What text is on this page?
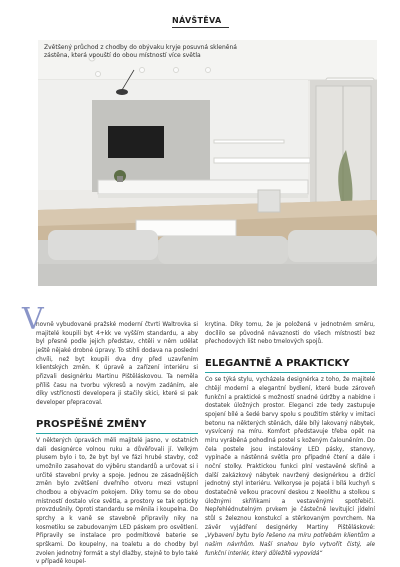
NÁVŠTĚVA
Zvětšený průchod z chodby do obývaku kryje posuvná skleněná zástěna, která vpouští do obou místností více světla
V

novně vybudované pražské moderní čtvrti Waltrovka si majitelé koupili byt 4+kk ve vyšším standardu, a aby byl přesně podle jejich představ, chtěli v něm udělat ještě nějaké drobné úpravy. To stihli dodava na poslední chvíli, než byt koupili dva dny před uzavřením klientských změn. K úpravě a zařízení interiéru si přizvali designérku Martinu Pištěláskovou. Ta neměla příliš času na tvorbu výkresů a novým zadáním, ale díky vstřícnosti developera ji stačily skici, které si pak developer přepracoval.

PROSPĚŠNÉ ZMĚNY

V některých úpravách měli majitelé jasno, v ostatních dali designérce volnou ruku a důvěřovali jí. Velkým plusem bylo i to, že byt byl ve fázi hrubé stavby, což umožnilo zasahovat do výběru standardů a určovat si i určité stavební prvky a spoje. Jednou ze zásadnějších změn bylo zvětšení dveřního otvoru mezi vstupní chodbou a obývacím pokojem. Díky tomu se do obou místností dostalo více světla, a prostory se tak opticky provzdušnily. Oproti standardu se měnila i koupelna. Do sprchy a k vaně se stavebně připravily niky na kosmetiku se zabudovaným LED páskem pro osvětlení. Připravily se instalace pro podmítkové baterie se sprškami. Do koupelny, na toaletu a do chodby byl zvolen jednotný formát a styl dlažby, stejně to bylo také v případě koupel-

krytina. Díky tomu, že je položená v jednotném směru, docílilo se původně návaznosti do všech místností bez přechodových lišt nebo tmelových spojů.

ELEGANTNĚ A PRAKTICKY

Co se týká stylu, vycházela designérka z toho, že majitelé chtějí moderní a elegantní bydlení, které bude zároveň funkční a praktické s možností snadné údržby a nabídne i dostatek úložných prostor. Eleganci zde tedy zastupuje spojení bílé a šedé barvy spolu s použitím stěrky v imitaci betonu na některých stěnách, dále bílý lakovaný nábytek, vysvícený na míru. Komfort představuje třeba opět na míru vyráběná pohodlná postel s koženým čalouněním. Do čela postele jsou instalovány LED pásky, stanovy, vypínače a nástěnná světla pro případné čtení a dále i noční stolky. Praktickou funkci plní vestavěné skříně a další zakázkový nábytek navržený designérkou a držící jednotný styl interiéru. Velkoryse je pojatá i bílá kuchyň s dostatečně velkou pracovní deskou z Neolithu a stolkou s úložnými skříňkami a vestavěnými spotřebiči. Nepřehlédnutelným prvkem je částečně levitující jídelní stůl s železnou konstukcí a stěrkovaným povrchem. Na závěr vyjádření designérky Martiny Pištěláskové: „Vybavení bytu bylo řešeno na míru potřebám klientům a našim návrhům. Naší snahou bylo vytvořit čistý, ale funkční interiér, který důležitě vypovídá“
